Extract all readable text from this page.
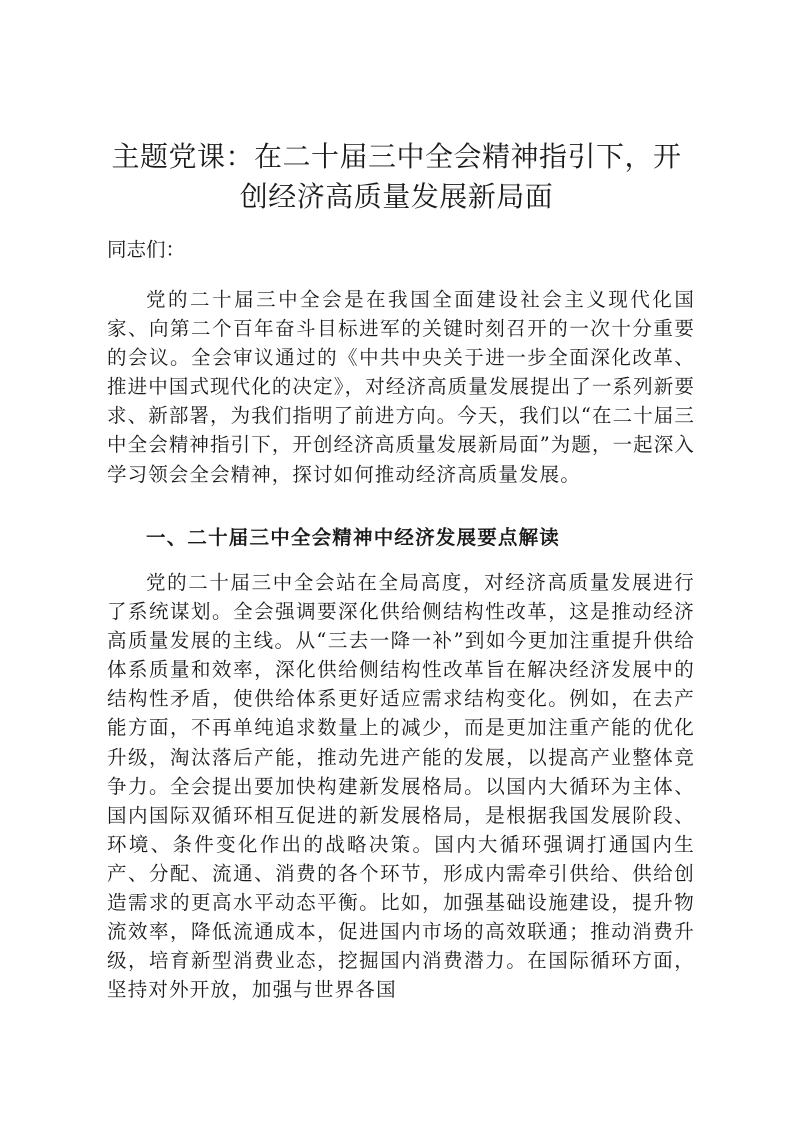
主题党课：在二十届三中全会精神指引下，开创经济高质量发展新局面

同志们：

党的二十届三中全会是在我国全面建设社会主义现代化国家、向第二个百年奋斗目标进军的关键时刻召开的一次十分重要的会议。全会审议通过的《中共中央关于进一步全面深化改革、推进中国式现代化的决定》，对经济高质量发展提出了一系列新要求、新部署，为我们指明了前进方向。今天，我们以“在二十届三中全会精神指引下，开创经济高质量发展新局面”为题，一起深入学习领会全会精神，探讨如何推动经济高质量发展。

一、二十届三中全会精神中经济发展要点解读

党的二十届三中全会站在全局高度，对经济高质量发展进行了系统谋划。全会强调要深化供给侧结构性改革，这是推动经济高质量发展的主线。从“三去一降一补”到如今更加注重提升供给体系质量和效率，深化供给侧结构性改革旨在解决经济发展中的结构性矛盾，使供给体系更好适应需求结构变化。例如，在去产能方面，不再单纯追求数量上的减少，而是更加注重产能的优化升级，淘汰落后产能，推动先进产能的发展，以提高产业整体竞争力。全会提出要加快构建新发展格局。以国内大循环为主体、国内国际双循环相互促进的新发展格局，是根据我国发展阶段、环境、条件变化作出的战略决策。国内大循环强调打通国内生产、分配、流通、消费的各个环节，形成内需牵引供给、供给创造需求的更高水平动态平衡。比如，加强基础设施建设，提升物流效率，降低流通成本，促进国内市场的高效联通；推动消费升级，培育新型消费业态，挖掘国内消费潜力。在国际循环方面，坚持对外开放，加强与世界各国
